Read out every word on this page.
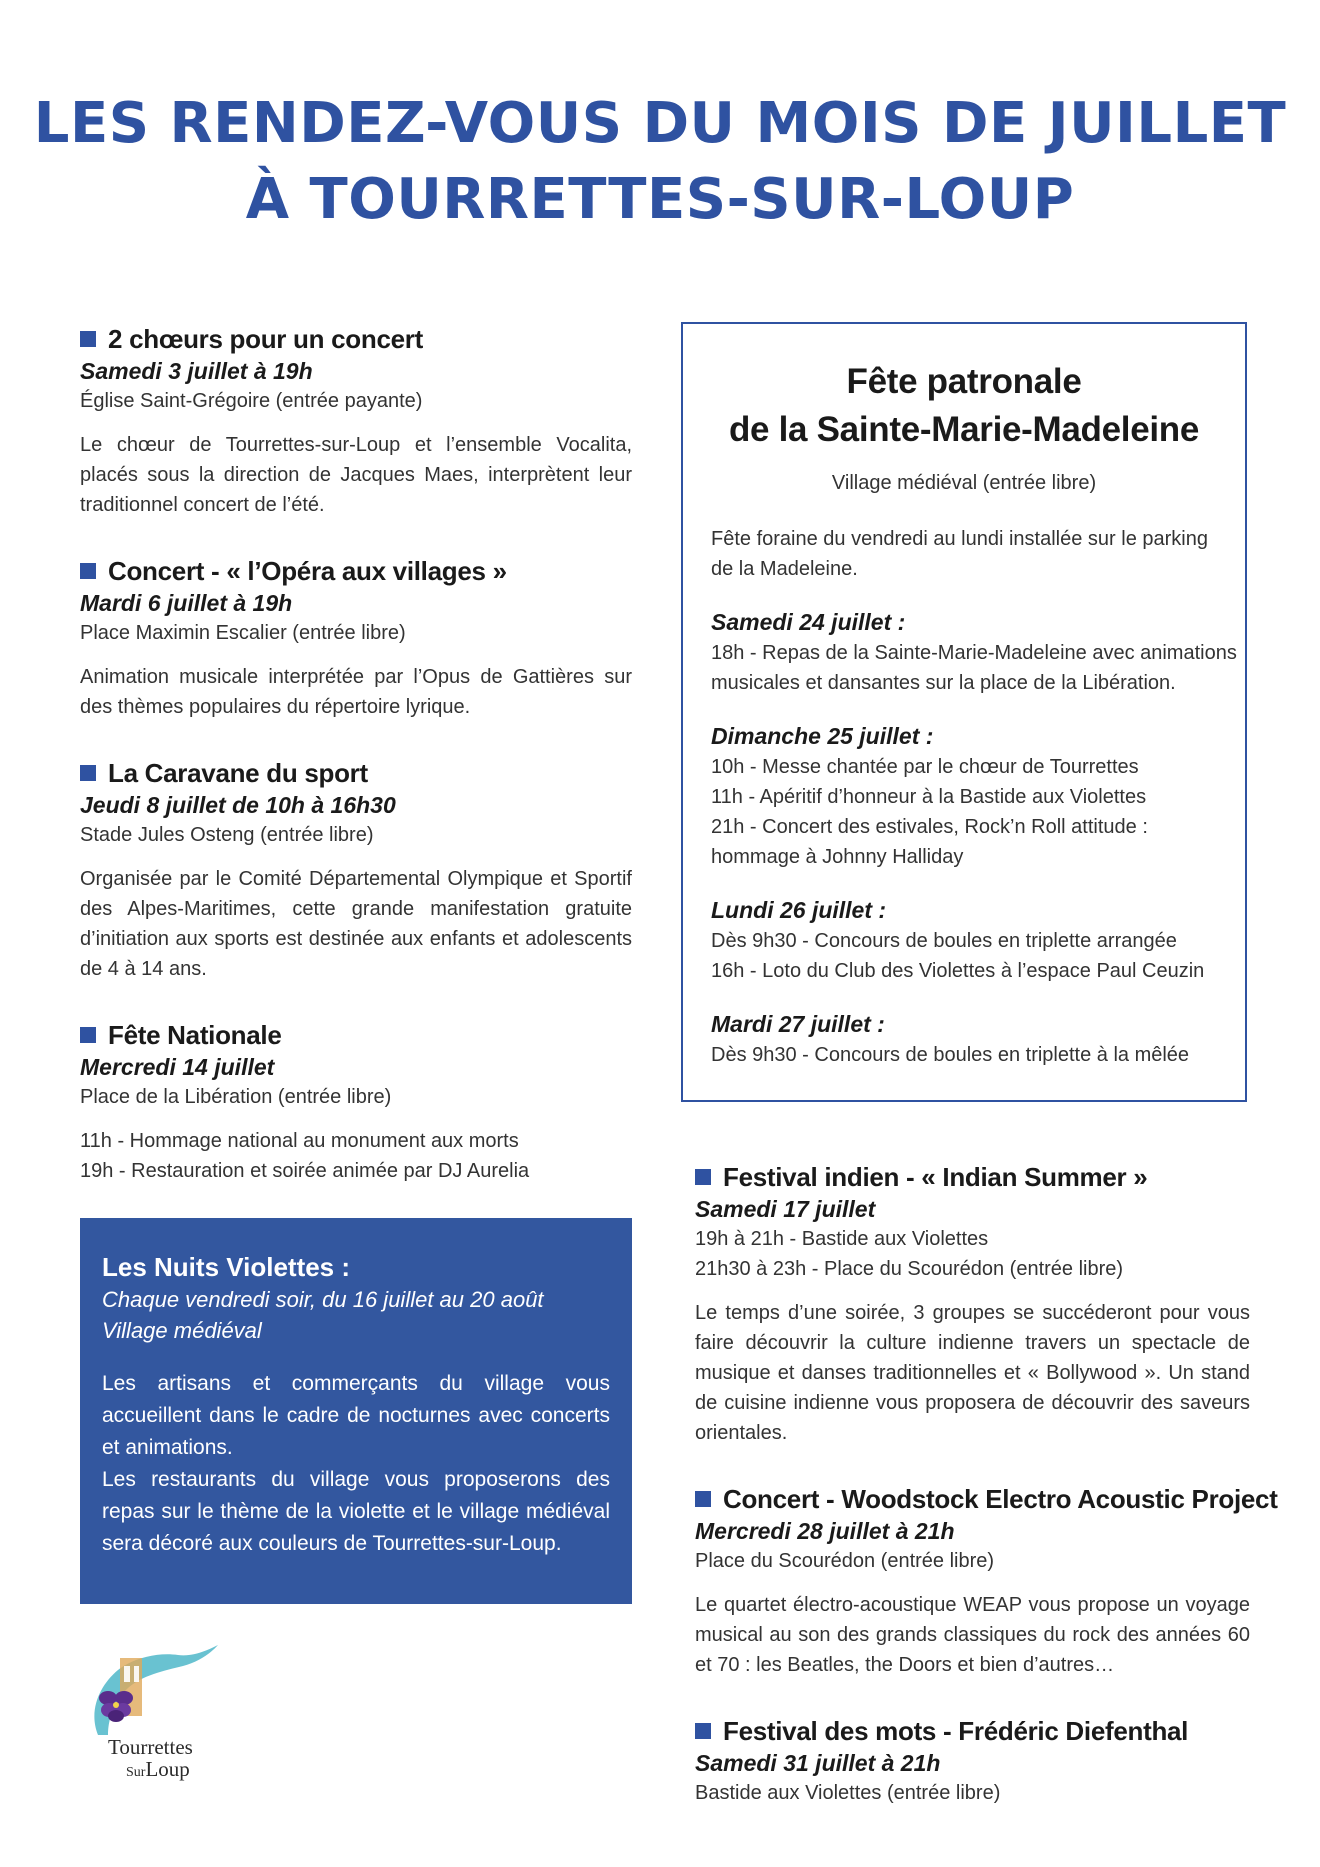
LES RENDEZ-VOUS DU MOIS DE JUILLET
À TOURRETTES-SUR-LOUP
2 chœurs pour un concert
Samedi 3 juillet à 19h
Église Saint-Grégoire (entrée payante)
Le chœur de Tourrettes-sur-Loup et l’ensemble Vocalita, placés sous la direction de Jacques Maes, interprètent leur traditionnel concert de l’été.
Concert - « l’Opéra aux villages »
Mardi 6 juillet à 19h
Place Maximin Escalier (entrée libre)
Animation musicale interprétée par l’Opus de Gattières sur des thèmes populaires du répertoire lyrique.
La Caravane du sport
Jeudi 8 juillet de 10h à 16h30
Stade Jules Osteng (entrée libre)
Organisée par le Comité Départemental Olympique et Sportif des Alpes-Maritimes, cette grande manifestation gratuite d’initiation aux sports est destinée aux enfants et adolescents de 4 à 14 ans.
Fête Nationale
Mercredi 14 juillet
Place de la Libération (entrée libre)
11h - Hommage national au monument aux morts
19h - Restauration et soirée animée par DJ Aurelia
Les Nuits Violettes :
Chaque vendredi soir, du 16 juillet au 20 août
Village médiéval
Les artisans et commerçants du village vous accueillent dans le cadre de nocturnes avec concerts et animations.
Les restaurants du village vous proposerons des repas sur le thème de la violette et le village médiéval sera décoré aux couleurs de Tourrettes-sur-Loup.
Tourrettes
SurLoup
Fête patronale
de la Sainte-Marie-Madeleine
Village médiéval (entrée libre)
Fête foraine du vendredi au lundi installée sur le parking de la Madeleine.
Samedi 24 juillet :
18h - Repas de la Sainte-Marie-Madeleine avec animations
musicales et dansantes sur la place de la Libération.
Dimanche 25 juillet :
10h - Messe chantée par le chœur de Tourrettes
11h - Apéritif d’honneur à la Bastide aux Violettes
21h - Concert des estivales, Rock’n Roll attitude :
hommage à Johnny Halliday
Lundi 26 juillet :
Dès 9h30 - Concours de boules en triplette arrangée
16h - Loto du Club des Violettes à l’espace Paul Ceuzin
Mardi 27 juillet :
Dès 9h30 - Concours de boules en triplette à la mêlée
Festival indien - « Indian Summer »
Samedi 17 juillet
19h à 21h - Bastide aux Violettes
21h30 à 23h - Place du Scourédon (entrée libre)
Le temps d’une soirée, 3 groupes se succéderont pour vous faire découvrir la culture indienne travers un spectacle de musique et danses traditionnelles et « Bollywood ». Un stand de cuisine indienne vous proposera de découvrir des saveurs orientales.
Concert - Woodstock Electro Acoustic Project
Mercredi 28 juillet à 21h
Place du Scourédon (entrée libre)
Le quartet électro-acoustique WEAP vous propose un voyage musical au son des grands classiques du rock des années 60 et 70 : les Beatles, the Doors et bien d’autres…
Festival des mots - Frédéric Diefenthal
Samedi 31 juillet à 21h
Bastide aux Violettes (entrée libre)
